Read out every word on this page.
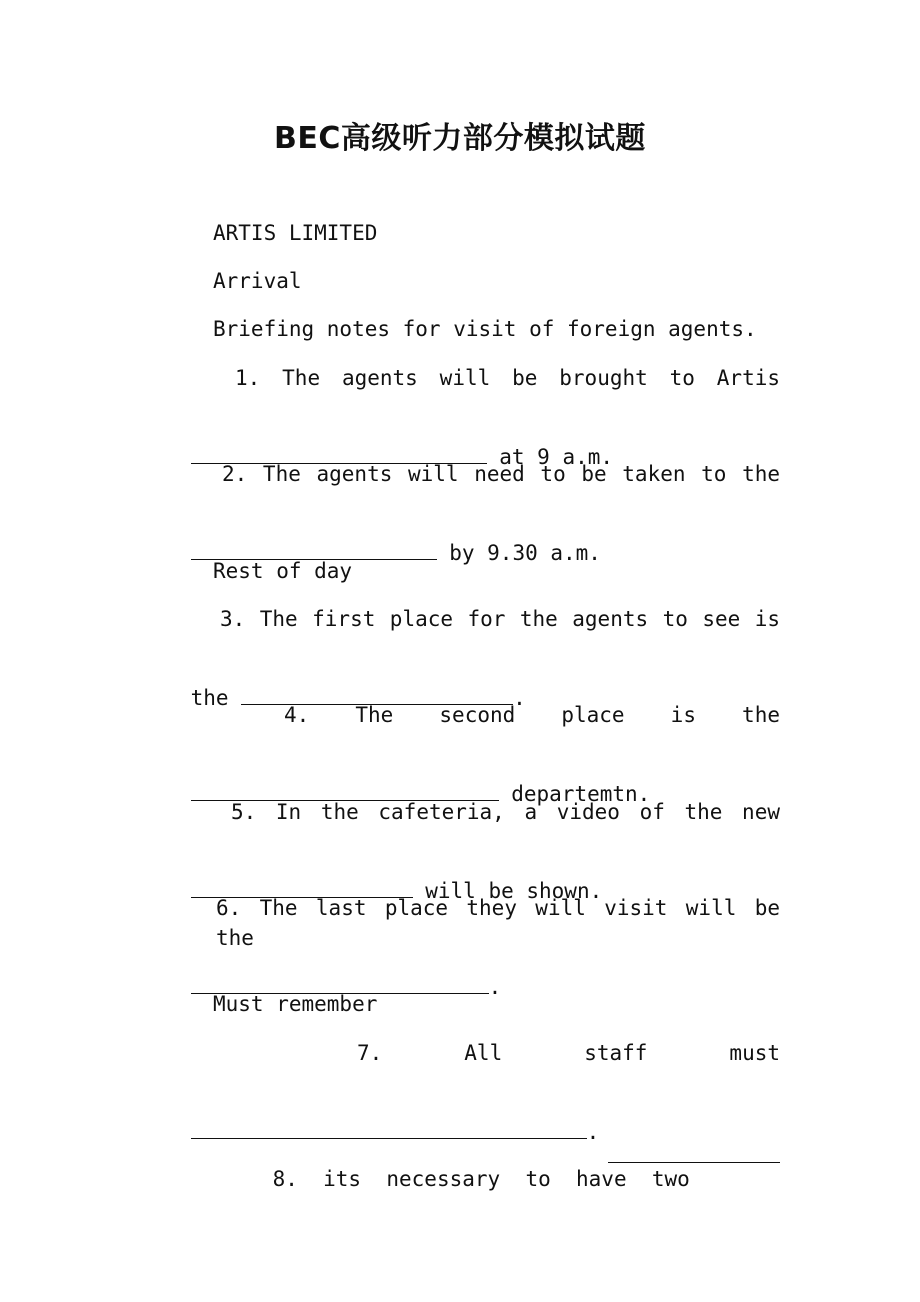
BEC高级听力部分模拟试题
ARTIS LIMITED
Arrival
Briefing notes for visit of foreign agents.
1. The agents will be brought to Artis

at 9 a.m.

2. The agents will need to be taken to the

by 9.30 a.m.

Rest of day
3. The first place for the agents to see is

the	.

4. The second place is the

departemtn.

5. In the cafeteria, a video of the new

will be shown.

6. The last place they will visit will be the

.

Must remember
7. All staff must

.

8.  its  necessary  to  have  two
